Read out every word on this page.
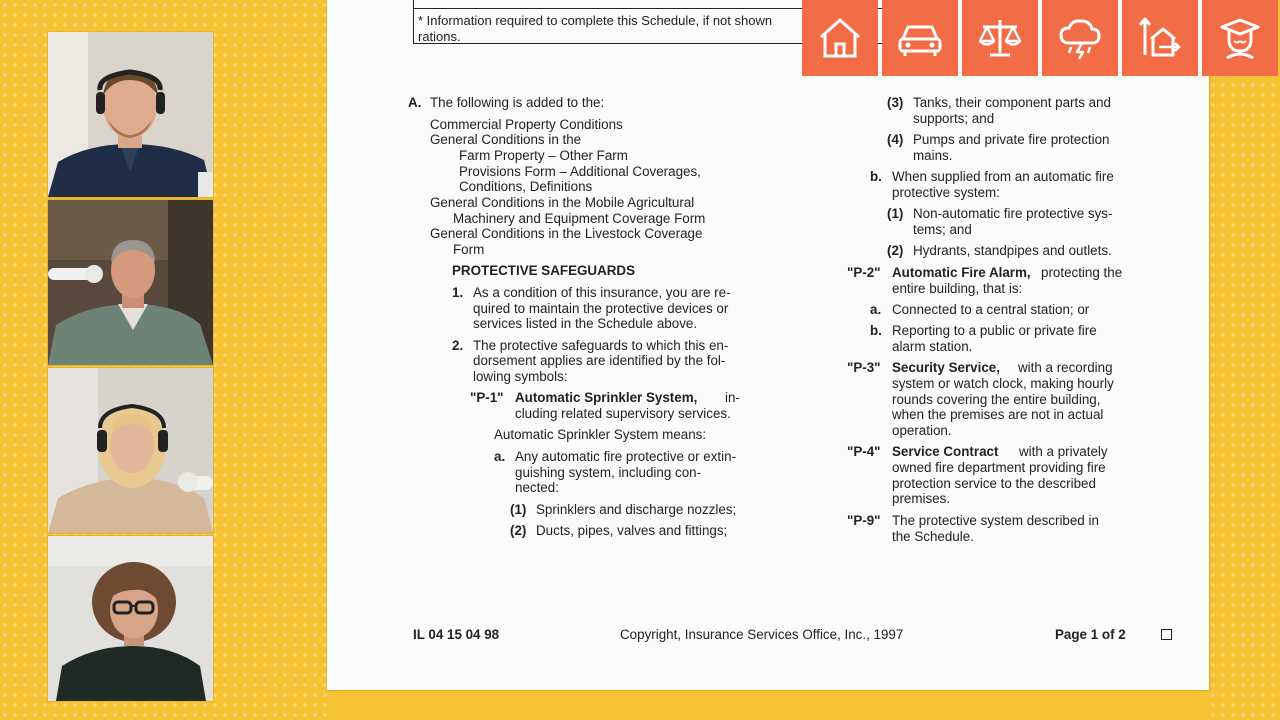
* Information required to complete this Schedule, if not shown
rations.
A. The following is added to the:
Commercial Property Conditions
General Conditions in the
Farm Property – Other Farm
Provisions Form – Additional Coverages,
Conditions, Definitions
General Conditions in the Mobile Agricultural
Machinery and Equipment Coverage Form
General Conditions in the Livestock Coverage
Form
PROTECTIVE SAFEGUARDS
1. As a condition of this insurance, you are re-
quired to maintain the protective devices or
services listed in the Schedule above.
2. The protective safeguards to which this en-
dorsement applies are identified by the fol-
lowing symbols:
"P-1" Automatic Sprinkler System, in-
cluding related supervisory services.
Automatic Sprinkler System means:
a. Any automatic fire protective or extin-
guishing system, including con-
nected:
(1) Sprinklers and discharge nozzles;
(2) Ducts, pipes, valves and fittings;
(3) Tanks, their component parts and
supports; and
(4) Pumps and private fire protection
mains.
b. When supplied from an automatic fire
protective system:
(1) Non-automatic fire protective sys-
tems; and
(2) Hydrants, standpipes and outlets.
"P-2" Automatic Fire Alarm, protecting the
entire building, that is:
a. Connected to a central station; or
b. Reporting to a public or private fire
alarm station.
"P-3" Security Service, with a recording
system or watch clock, making hourly
rounds covering the entire building,
when the premises are not in actual
operation.
"P-4" Service Contract with a privately
owned fire department providing fire
protection service to the described
premises.
"P-9" The protective system described in
the Schedule.
IL 04 15 04 98	Copyright, Insurance Services Office, Inc., 1997	Page 1 of 2
